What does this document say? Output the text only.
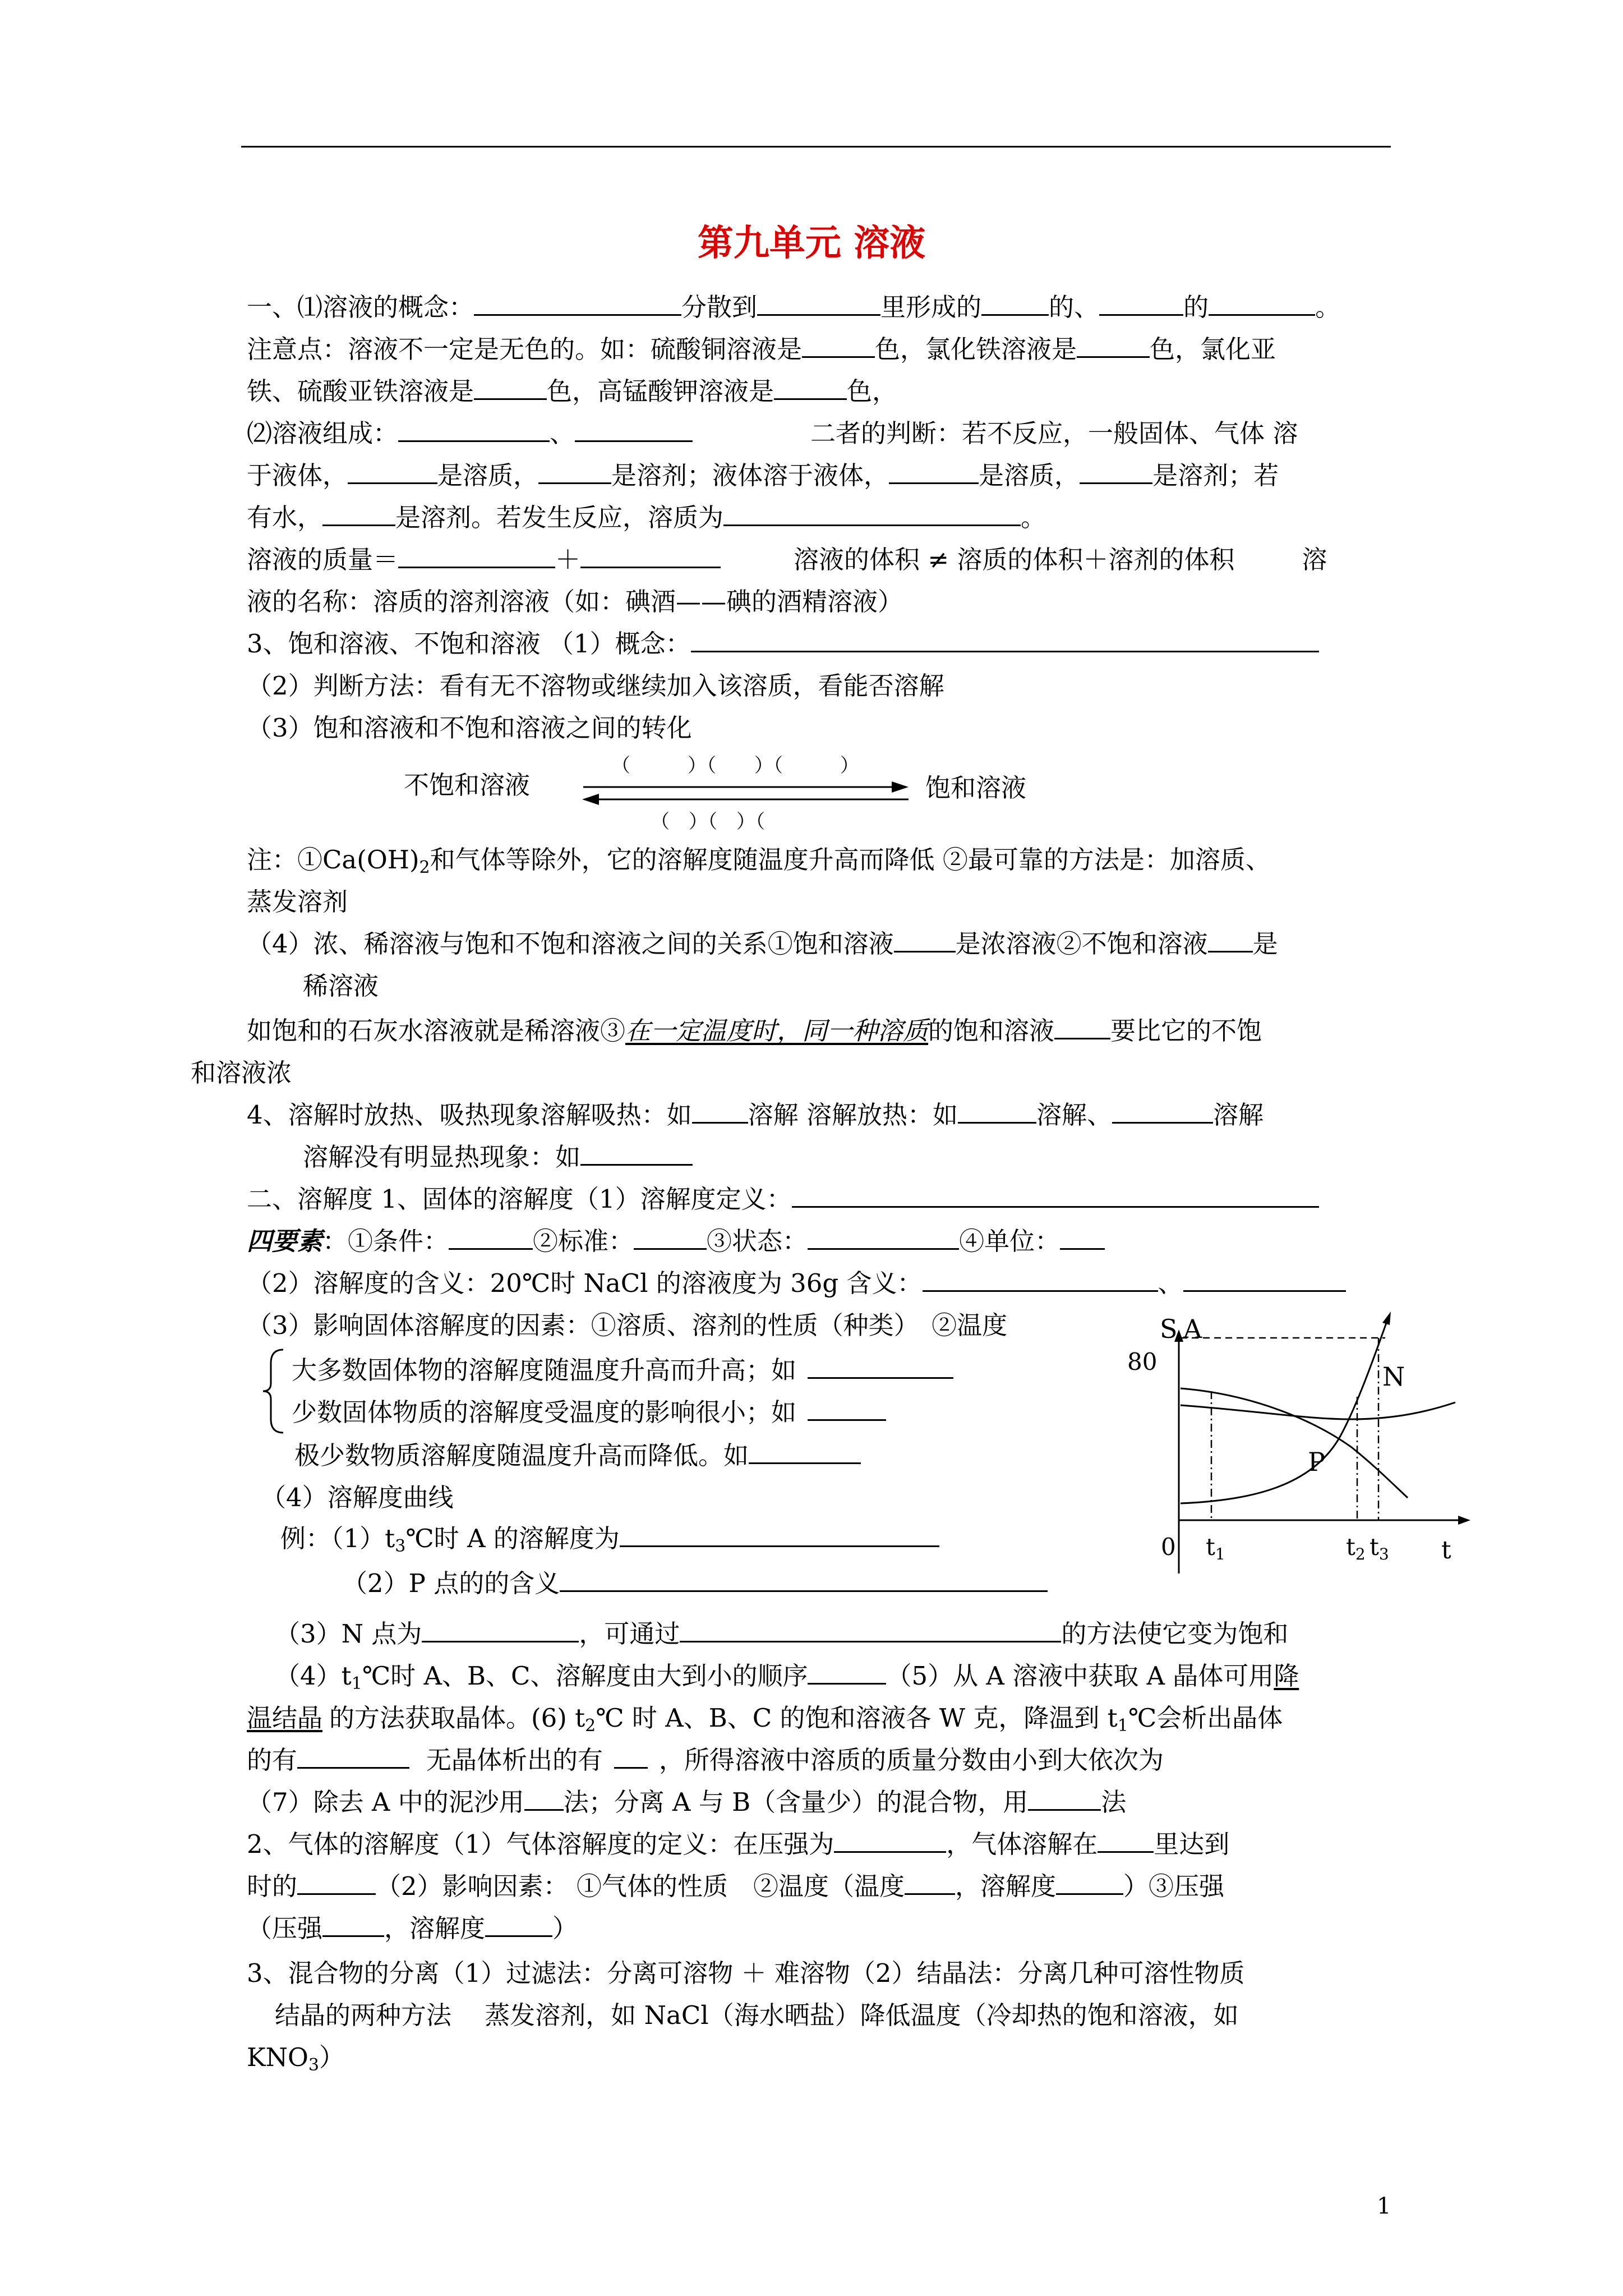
第九单元 溶液
一、⑴溶液的概念：	分散到	里形成的	的、	的	。
注意点：溶液不一定是无色的。如：硫酸铜溶液是	色，氯化铁溶液是	色，氯化亚
铁、硫酸亚铁溶液是	色，高锰酸钾溶液是	色，
⑵溶液组成：	、	二者的判断：若不反应，一般固体、气体 溶
于液体，	是溶质，	是溶剂；液体溶于液体，	是溶质，	是溶剂；若
有水，	是溶剂。若发生反应，溶质为	。
溶液的质量＝	＋	溶液的体积 ≠ 溶质的体积＋溶剂的体积	溶
液的名称：溶质的溶剂溶液（如：碘酒——碘的酒精溶液）
3、饱和溶液、不饱和溶液 （1）概念：
（2）判断方法：看有无不溶物或继续加入该溶质，看能否溶解
（3）饱和溶液和不饱和溶液之间的转化
不饱和溶液	饱和溶液
（　　　）（　　）（　　　）
（　）（　）（
注：$①Ca(OH)_2$和气体等除外，它的溶解度随温度升高而降低 ②最可靠的方法是：加溶质、
蒸发溶剂
（4）浓、稀溶液与饱和不饱和溶液之间的关系①饱和溶液 是浓溶液②不饱和溶液 是
稀溶液
如饱和的石灰水溶液就是稀溶液③在一定温度时，同一种溶质的饱和溶液 要比它的不饱
和溶液浓
4、溶解时放热、吸热现象溶解吸热：如 溶解 溶解放热：如	溶解、	溶解
溶解没有明显热现象：如
二、溶解度 1、固体的溶解度（1）溶解度定义：
四要素：①条件：	②标准：	③状态：	④单位：
（2）溶解度的含义：20℃时 NaCl 的溶液度为 36g 含义：	、
（3）影响固体溶解度的因素：①溶质、溶剂的性质（种类）　②温度
大多数固体物的溶解度随温度升高而升高；如
少数固体物质的溶解度受温度的影响很小；如
极少数物质溶解度随温度升高而降低。如
（4）溶解度曲线
例：$(1)t_3℃$时 A 的溶解度为
（2）P 点的的含义
S A
N
P
80
0 t1	t2 t3 t
（3）N 点为	，可通过	的方法使它变为饱和
$(4)t_1℃$时 A、B、C、溶解度由大到小的顺序	（5）从 A 溶液中获取 A 晶体可用降
温结晶 的方法获取晶体。(6) $t_2℃$ 时 A、B、C 的饱和溶液各 W 克，降温到 $t_1℃$会析出晶体
的有	无晶体析出的有 ，所得溶液中溶质的质量分数由小到大依次为
（7）除去 A 中的泥沙用 法；分离 A 与 B（含量少）的混合物，用	法
2、气体的溶解度（1）气体溶解度的定义：在压强为	，气体溶解在 里达到
时的	（2）影响因素： ①气体的性质　②温度（温度 ，溶解度	）③压强
（压强 ，溶解度	）
3、混合物的分离（1）过滤法：分离可溶物 ＋ 难溶物（2）结晶法：分离几种可溶性物质
结晶的两种方法　 蒸发溶剂，如 NaCl（海水晒盐）降低温度（冷却热的饱和溶液，如
$KNO_3$）
1
